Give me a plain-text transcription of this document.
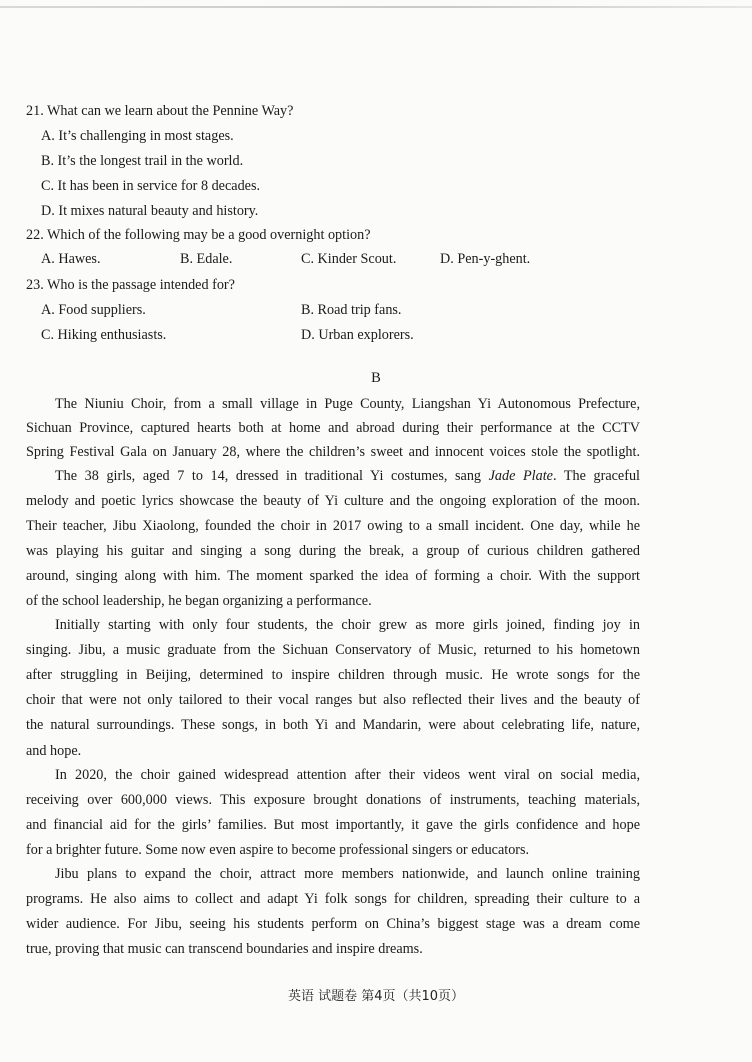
21. What can we learn about the Pennine Way?
A. It’s challenging in most stages.
B. It’s the longest trail in the world.
C. It has been in service for 8 decades.
D. It mixes natural beauty and history.
22. Which of the following may be a good overnight option?
A. Hawes.	B. Edale.	C. Kinder Scout.	D. Pen-y-ghent.
23. Who is the passage intended for?
A. Food suppliers.	B. Road trip fans.
C. Hiking enthusiasts.	D. Urban explorers.
B
The Niuniu Choir, from a small village in Puge County, Liangshan Yi Autonomous Prefecture,
Sichuan Province, captured hearts both at home and abroad during their performance at the CCTV
Spring Festival Gala on January 28, where the children’s sweet and innocent voices stole the spotlight.
The 38 girls, aged 7 to 14, dressed in traditional Yi costumes, sang Jade Plate. The graceful
melody and poetic lyrics showcase the beauty of Yi culture and the ongoing exploration of the moon.
Their teacher, Jibu Xiaolong, founded the choir in 2017 owing to a small incident. One day, while he
was playing his guitar and singing a song during the break, a group of curious children gathered
around, singing along with him. The moment sparked the idea of forming a choir. With the support
of the school leadership, he began organizing a performance.
Initially starting with only four students, the choir grew as more girls joined, finding joy in
singing. Jibu, a music graduate from the Sichuan Conservatory of Music, returned to his hometown
after struggling in Beijing, determined to inspire children through music. He wrote songs for the
choir that were not only tailored to their vocal ranges but also reflected their lives and the beauty of
the natural surroundings. These songs, in both Yi and Mandarin, were about celebrating life, nature,
and hope.
In 2020, the choir gained widespread attention after their videos went viral on social media,
receiving over 600,000 views. This exposure brought donations of instruments, teaching materials,
and financial aid for the girls’ families. But most importantly, it gave the girls confidence and hope
for a brighter future. Some now even aspire to become professional singers or educators.
Jibu plans to expand the choir, attract more members nationwide, and launch online training
programs. He also aims to collect and adapt Yi folk songs for children, spreading their culture to a
wider audience. For Jibu, seeing his students perform on China’s biggest stage was a dream come
true, proving that music can transcend boundaries and inspire dreams.
英语 试题卷 第4页（共10页）
